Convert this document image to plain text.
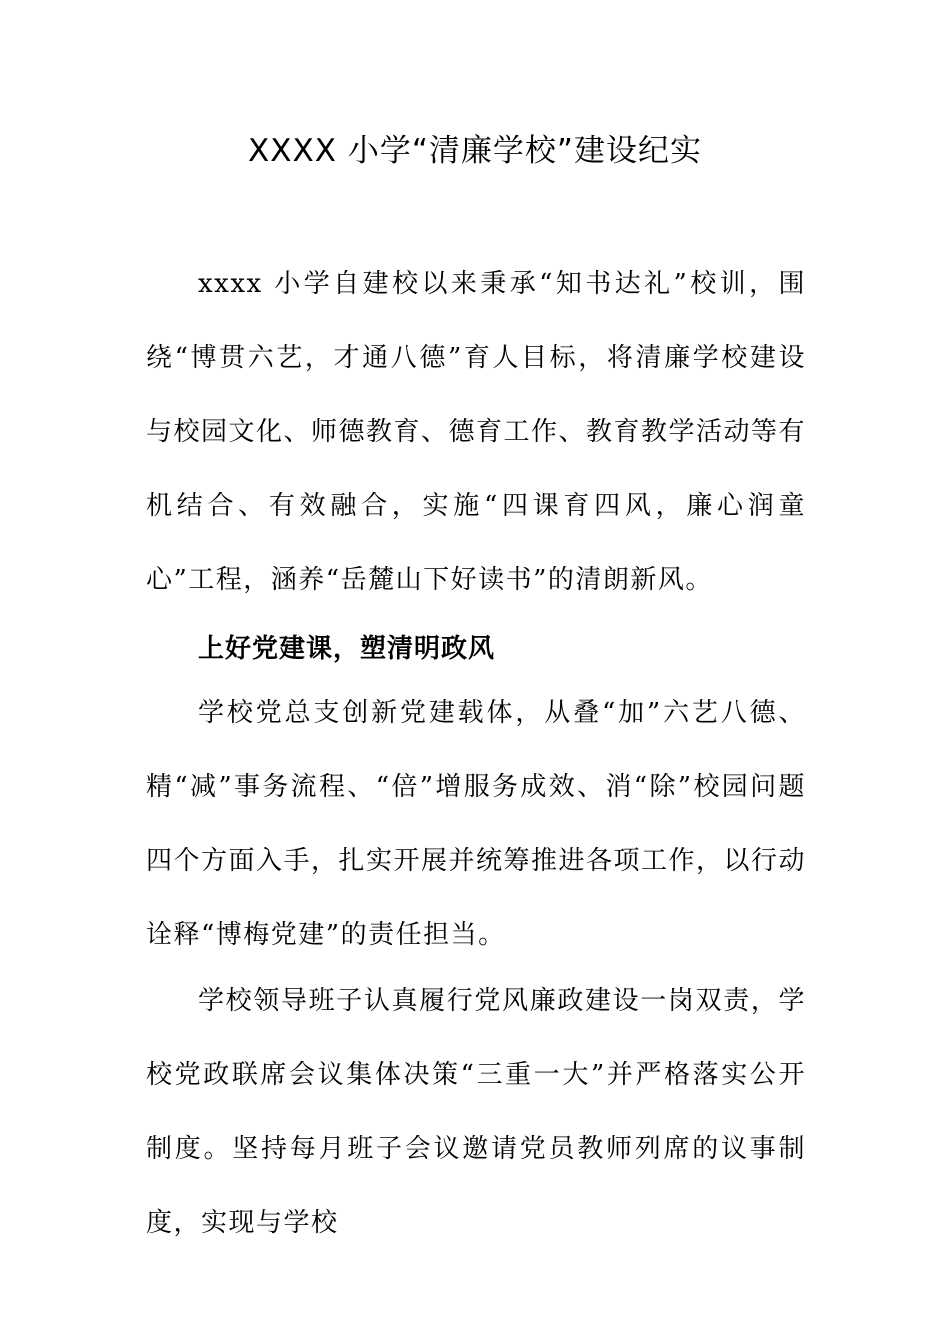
XXXX 小学“清廉学校”建设纪实

xxxx 小学自建校以来秉承“知书达礼”校训，围绕“博贯六艺，才通八德”育人目标，将清廉学校建设与校园文化、师德教育、德育工作、教育教学活动等有机结合、有效融合，实施“四课育四风，廉心润童心”工程，涵养“岳麓山下好读书”的清朗新风。

上好党建课，塑清明政风

学校党总支创新党建载体，从叠“加”六艺八德、精“减”事务流程、“倍”增服务成效、消“除”校园问题四个方面入手，扎实开展并统筹推进各项工作，以行动诠释“博梅党建”的责任担当。

学校领导班子认真履行党风廉政建设一岗双责，学校党政联席会议集体决策“三重一大”并严格落实公开制度。坚持每月班子会议邀请党员教师列席的议事制度，实现与学校
